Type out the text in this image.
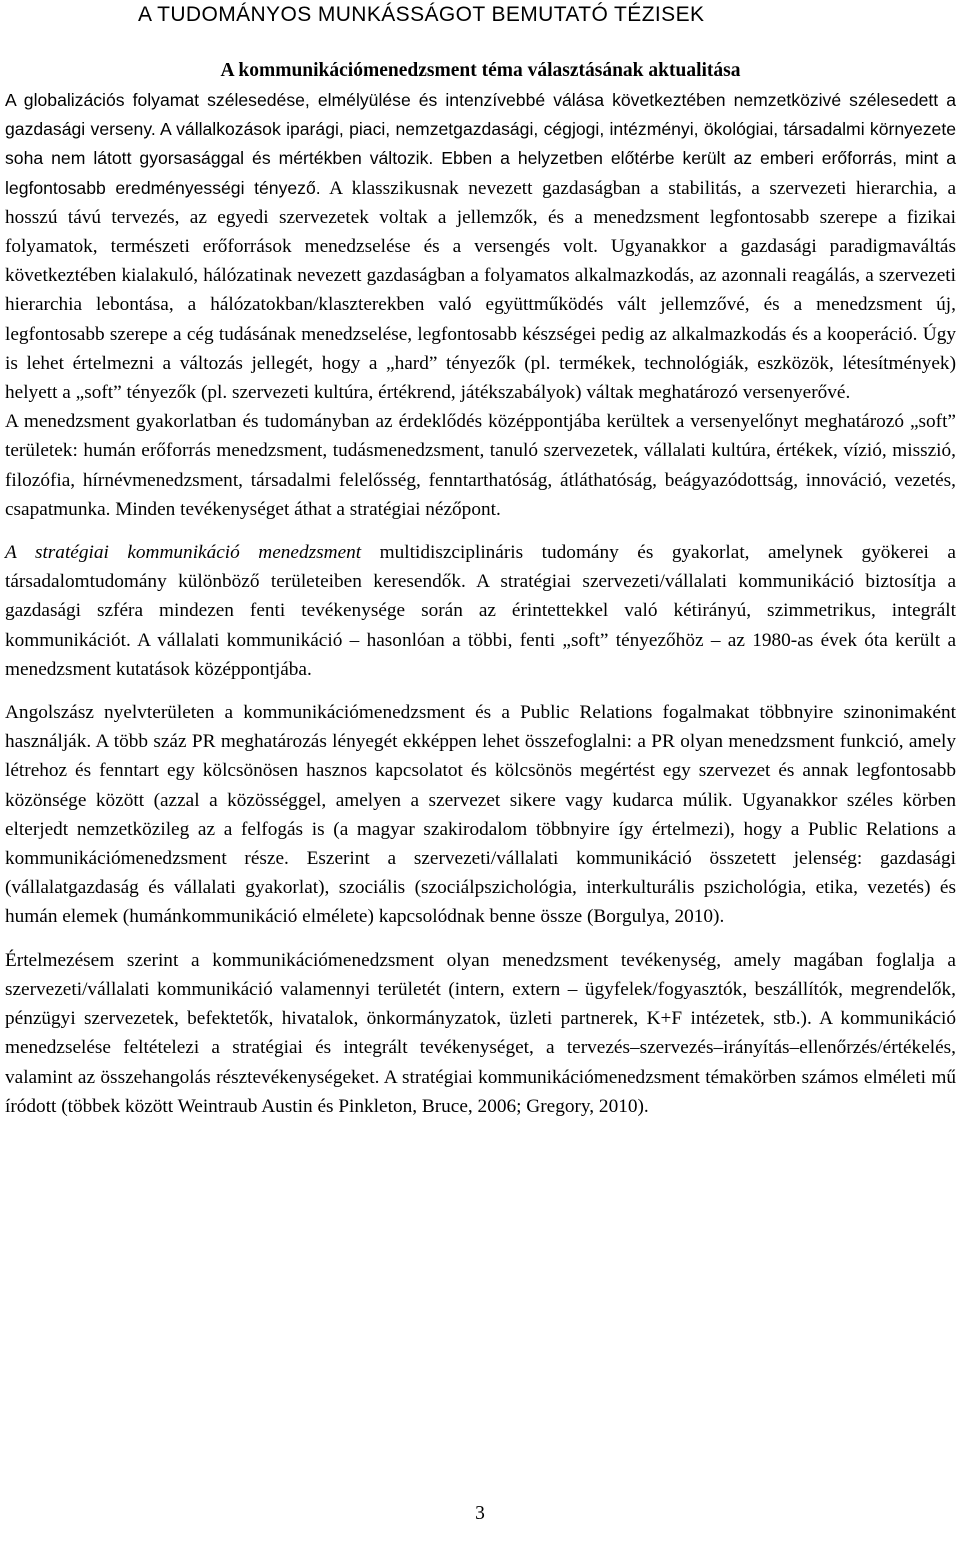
A TUDOMÁNYOS MUNKÁSSÁGOT BEMUTATÓ TÉZISEK
A kommunikációmenedzsment téma választásának aktualitása

A globalizációs folyamat szélesedése, elmélyülése és intenzívebbé válása következtében nemzetközivé szélesedett a gazdasági verseny. A vállalkozások iparági, piaci, nemzetgazdasági, cégjogi, intézményi, ökológiai, társadalmi környezete soha nem látott gyorsasággal és mértékben változik. Ebben a helyzetben előtérbe került az emberi erőforrás, mint a legfontosabb eredményességi tényező. A klasszikusnak nevezett gazdaságban a stabilitás, a szervezeti hierarchia, a hosszú távú tervezés, az egyedi szervezetek voltak a jellemzők, és a menedzsment legfontosabb szerepe a fizikai folyamatok, természeti erőforrások menedzselése és a versengés volt. Ugyanakkor a gazdasági paradigmaváltás következtében kialakuló, hálózatinak nevezett gazdaságban a folyamatos alkalmazkodás, az azonnali reagálás, a szervezeti hierarchia lebontása, a hálózatokban/klaszterekben való együttműködés vált jellemzővé, és a menedzsment új, legfontosabb szerepe a cég tudásának menedzselése, legfontosabb készségei pedig az alkalmazkodás és a kooperáció. Úgy is lehet értelmezni a változás jellegét, hogy a „hard” tényezők (pl. termékek, technológiák, eszközök, létesítmények) helyett a „soft” tényezők (pl. szervezeti kultúra, értékrend, játékszabályok) váltak meghatározó versenyerővé.

A menedzsment gyakorlatban és tudományban az érdeklődés középpontjába kerültek a versenyelőnyt meghatározó „soft” területek: humán erőforrás menedzsment, tudásmenedzsment, tanuló szervezetek, vállalati kultúra, értékek, vízió, misszió, filozófia, hírnévmenedzsment, társadalmi felelősség, fenntarthatóság, átláthatóság, beágyazódottság, innováció, vezetés, csapatmunka. Minden tevékenységet áthat a stratégiai nézőpont.

A stratégiai kommunikáció menedzsment multidiszciplináris tudomány és gyakorlat, amelynek gyökerei a társadalomtudomány különböző területeiben keresendők. A stratégiai szervezeti/vállalati kommunikáció biztosítja a gazdasági szféra mindezen fenti tevékenysége során az érintettekkel való kétirányú, szimmetrikus, integrált kommunikációt. A vállalati kommunikáció – hasonlóan a többi, fenti „soft” tényezőhöz – az 1980-as évek óta került a menedzsment kutatások középpontjába.

Angolszász nyelvterületen a kommunikációmenedzsment és a Public Relations fogalmakat többnyire szinonimaként használják. A több száz PR meghatározás lényegét ekképpen lehet összefoglalni: a PR olyan menedzsment funkció, amely létrehoz és fenntart egy kölcsönösen hasznos kapcsolatot és kölcsönös megértést egy szervezet és annak legfontosabb közönsége között (azzal a közösséggel, amelyen a szervezet sikere vagy kudarca múlik. Ugyanakkor széles körben elterjedt nemzetközileg az a felfogás is (a magyar szakirodalom többnyire így értelmezi), hogy a Public Relations a kommunikációmenedzsment része. Eszerint a szervezeti/vállalati kommunikáció összetett jelenség: gazdasági (vállalatgazdaság és vállalati gyakorlat), szociális (szociálpszichológia, interkulturális pszichológia, etika, vezetés) és humán elemek (humánkommunikáció elmélete) kapcsolódnak benne össze (Borgulya, 2010).

Értelmezésem szerint a kommunikációmenedzsment olyan menedzsment tevékenység, amely magában foglalja a szervezeti/vállalati kommunikáció valamennyi területét (intern, extern – ügyfelek/fogyasztók, beszállítók, megrendelők, pénzügyi szervezetek, befektetők, hivatalok, önkormányzatok, üzleti partnerek, K+F intézetek, stb.). A kommunikáció menedzselése feltételezi a stratégiai és integrált tevékenységet, a tervezés–szervezés–irányítás–ellenőrzés/értékelés, valamint az összehangolás résztevékenységeket. A stratégiai kommunikációmenedzsment témakörben számos elméleti mű íródott (többek között Weintraub Austin és Pinkleton, Bruce, 2006; Gregory, 2010).

3
